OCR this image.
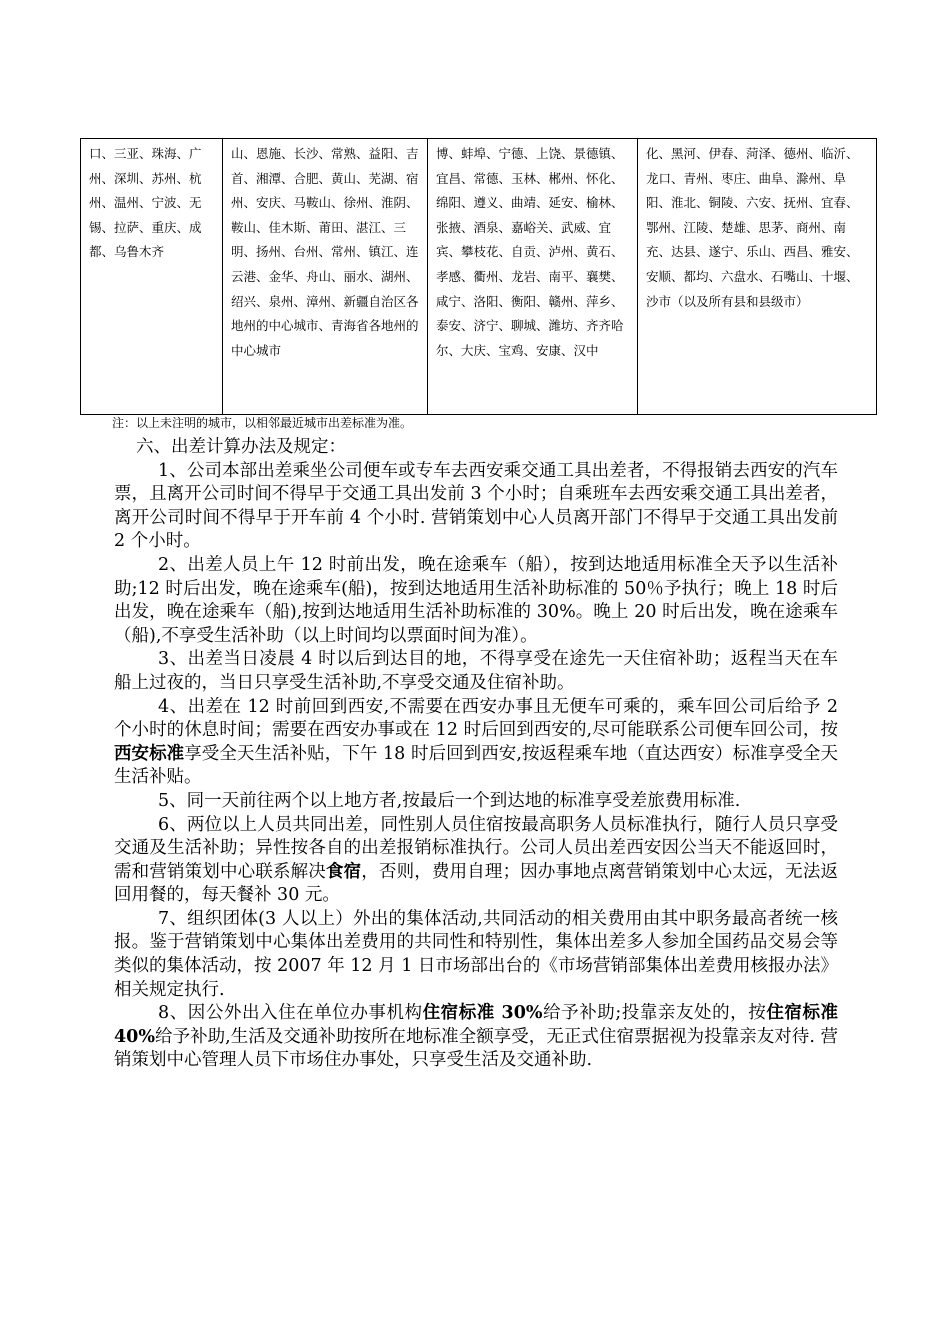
口、三亚、珠海、广州、深圳、苏州、杭州、温州、宁波、无锡、拉萨、重庆、成都、乌鲁木齐	山、恩施、长沙、常熟、益阳、吉首、湘潭、合肥、黄山、芜湖、宿州、安庆、马鞍山、徐州、淮阴、鞍山、佳木斯、莆田、湛江、三明、扬州、台州、常州、镇江、连云港、金华、舟山、丽水、湖州、绍兴、泉州、漳州、新疆自治区各地州的中心城市、青海省各地州的中心城市	博、蚌埠、宁德、上饶、景德镇、宜昌、常德、玉林、郴州、怀化、绵阳、遵义、曲靖、延安、榆林、张掖、酒泉、嘉峪关、武威、宜宾、攀枝花、自贡、泸州、黄石、孝感、衢州、龙岩、南平、襄樊、咸宁、洛阳、衡阳、赣州、萍乡、泰安、济宁、聊城、潍坊、齐齐哈尔、大庆、宝鸡、安康、汉中	化、黑河、伊春、菏泽、德州、临沂、龙口、青州、枣庄、曲阜、滁州、阜阳、淮北、铜陵、六安、抚州、宜春、鄂州、江陵、楚雄、思茅、商州、南充、达县、遂宁、乐山、西昌、雅安、安顺、都均、六盘水、石嘴山、十堰、沙市（以及所有县和县级市）
注：以上未注明的城市，以相邻最近城市出差标准为准。

六、出差计算办法及规定：

1、公司本部出差乘坐公司便车或专车去西安乘交通工具出差者，不得报销去西安的汽车票，且离开公司时间不得早于交通工具出发前 3 个小时；自乘班车去西安乘交通工具出差者，离开公司时间不得早于开车前 4 个小时. 营销策划中心人员离开部门不得早于交通工具出发前 2 个小时。

2、出差人员上午 12 时前出发，晚在途乘车（船），按到达地适用标准全天予以生活补助;12 时后出发，晚在途乘车(船)，按到达地适用生活补助标准的 50％予执行；晚上 18 时后出发，晚在途乘车（船),按到达地适用生活补助标准的 30%。晚上 20 时后出发，晚在途乘车（船),不享受生活补助（以上时间均以票面时间为准）。

3、出差当日凌晨 4 时以后到达目的地，不得享受在途先一天住宿补助；返程当天在车船上过夜的，当日只享受生活补助,不享受交通及住宿补助。

4、出差在 12 时前回到西安,不需要在西安办事且无便车可乘的，乘车回公司后给予 2 个小时的休息时间；需要在西安办事或在 12 时后回到西安的,尽可能联系公司便车回公司，按西安标准享受全天生活补贴，下午 18 时后回到西安,按返程乘车地（直达西安）标准享受全天生活补贴。

5、同一天前往两个以上地方者,按最后一个到达地的标准享受差旅费用标准.

6、两位以上人员共同出差，同性别人员住宿按最高职务人员标准执行，随行人员只享受交通及生活补助；异性按各自的出差报销标准执行。公司人员出差西安因公当天不能返回时，需和营销策划中心联系解决食宿，否则，费用自理；因办事地点离营销策划中心太远，无法返回用餐的，每天餐补 30 元。

7、组织团体(3 人以上）外出的集体活动,共同活动的相关费用由其中职务最高者统一核报。鉴于营销策划中心集体出差费用的共同性和特别性，集体出差多人参加全国药品交易会等类似的集体活动，按 2007 年 12 月 1 日市场部出台的《市场营销部集体出差费用核报办法》相关规定执行.

8、因公外出入住在单位办事机构住宿标准 30%给予补助;投靠亲友处的，按住宿标准 40%给予补助,生活及交通补助按所在地标准全额享受，无正式住宿票据视为投靠亲友对待. 营销策划中心管理人员下市场住办事处，只享受生活及交通补助.
